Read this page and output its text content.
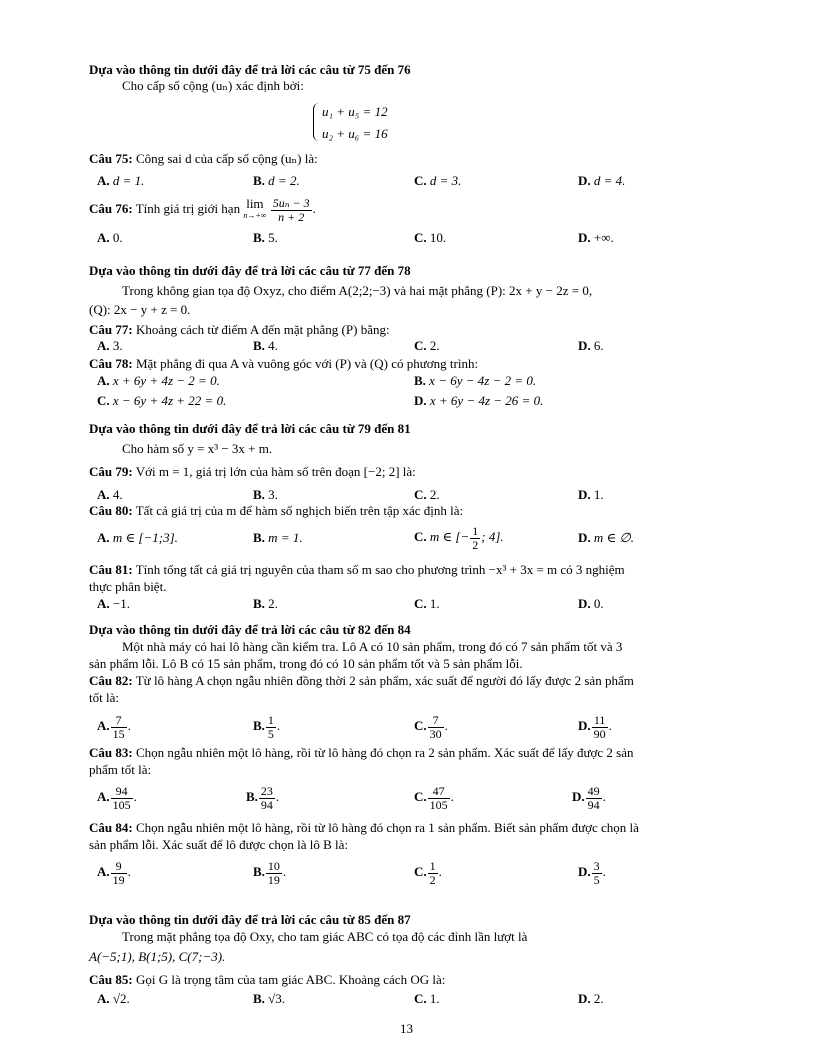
Dựa vào thông tin dưới đây để trả lời các câu từ 75 đến 76
Cho cấp số cộng (uₙ) xác định bởi:
u₁ + u₅ = 12
u₂ + u₆ = 16
Câu 75: Công sai d của cấp số cộng (uₙ) là:
A. d = 1.	B. d = 2.	C. d = 3.	D. d = 4.
Câu 76: Tính giá trị giới hạn lim
n→+∞
$\frac{\text{5uₙ − 3}}{n + 2}$ .
A. 0.	B. 5.	C. 10.	D. +∞.
Dựa vào thông tin dưới đây để trả lời các câu từ 77 đến 78
Trong không gian tọa độ Oxyz, cho điểm A(2;2;−3) và hai mặt phẳng (P): 2x + y − 2z = 0,
(Q): 2x − y + z = 0.
Câu 77: Khoảng cách từ điểm A đến mặt phẳng (P) bằng:
A. 3.	B. 4.	C. 2.	D. 6.
Câu 78: Mặt phẳng đi qua A và vuông góc với (P) và (Q) có phương trình:
A. x + 6y + 4z − 2 = 0.	B. x − 6y − 4z − 2 = 0.
C. x − 6y + 4z + 22 = 0.	D. x + 6y − 4z − 26 = 0.
Dựa vào thông tin dưới đây để trả lời các câu từ 79 đến 81
Cho hàm số y = x³ − 3x + m.
Câu 79: Với m = 1, giá trị lớn của hàm số trên đoạn [−2; 2] là:
A. 4.	B. 3.	C. 2.	D. 1.
Câu 80: Tất cả giá trị của m để hàm số nghịch biến trên tập xác định là:
A. m ∈ [−1;3].	B. m = 1.	C. m ∈ [− $\frac{1}{2}$ ; 4].	D. m ∈ ∅.
Câu 81: Tính tổng tất cả giá trị nguyên của tham số m sao cho phương trình −x³ + 3x = m có 3 nghiệm
thực phân biệt.
A. −1.	B. 2.	C. 1.	D. 0.
Dựa vào thông tin dưới đây để trả lời các câu từ 82 đến 84
Một nhà máy có hai lô hàng cần kiểm tra. Lô A có 10 sản phẩm, trong đó có 7 sản phẩm tốt và 3
sản phẩm lỗi. Lô B có 15 sản phẩm, trong đó có 10 sản phẩm tốt và 5 sản phẩm lỗi.
Câu 82: Từ lô hàng A chọn ngẫu nhiên đồng thời 2 sản phẩm, xác suất để người đó lấy được 2 sản phẩm
tốt là:
A. $\frac{7}{15}$ .	B. $\frac{1}{5}$ .	C. $\frac{7}{30}$ .	D. $\frac{11}{90}$ .
Câu 83: Chọn ngẫu nhiên một lô hàng, rồi từ lô hàng đó chọn ra 2 sản phẩm. Xác suất để lấy được 2 sản
phẩm tốt là:
A. $\frac{94}{105}$ .	B. $\frac{23}{94}$ .	C. $\frac{47}{105}$ .	D. $\frac{49}{94}$ .
Câu 84: Chọn ngẫu nhiên một lô hàng, rồi từ lô hàng đó chọn ra 1 sản phẩm. Biết sản phẩm được chọn là
sản phẩm lỗi. Xác suất để lô được chọn là lô B là:
A. $\frac{9}{19}$ .	B. $\frac{10}{19}$ .	C. $\frac{1}{2}$ .	D. $\frac{3}{5}$ .
Dựa vào thông tin dưới đây để trả lời các câu từ 85 đến 87
Trong mặt phẳng tọa độ Oxy, cho tam giác ABC có tọa độ các đỉnh lần lượt là
A(−5;1), B(1;5), C(7;−3).
Câu 85: Gọi G là trọng tâm của tam giác ABC. Khoảng cách OG là:
A. √2.	B. √3.	C. 1.	D. 2.
13
